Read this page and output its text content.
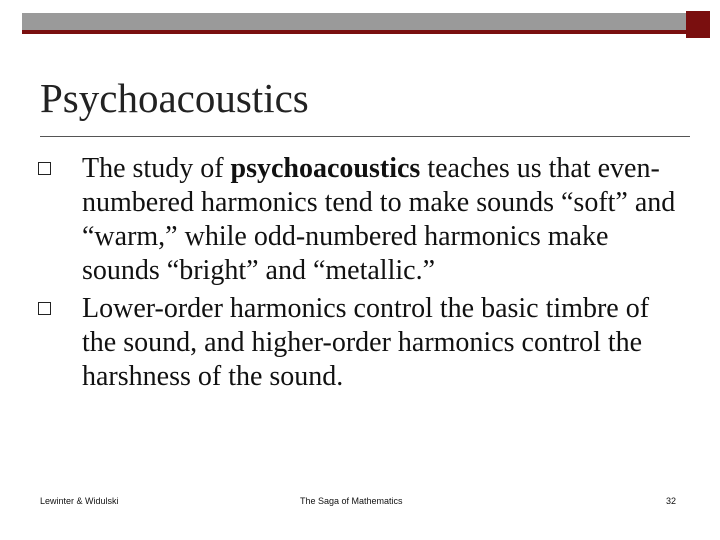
Psychoacoustics
The study of psychoacoustics teaches us that even-numbered harmonics tend to make sounds “soft” and “warm,” while odd-numbered harmonics make sounds “bright” and “metallic.”
Lower-order harmonics control the basic timbre of the sound, and higher-order harmonics control the harshness of the sound.
Lewinter & Widulski	The Saga of Mathematics	32
